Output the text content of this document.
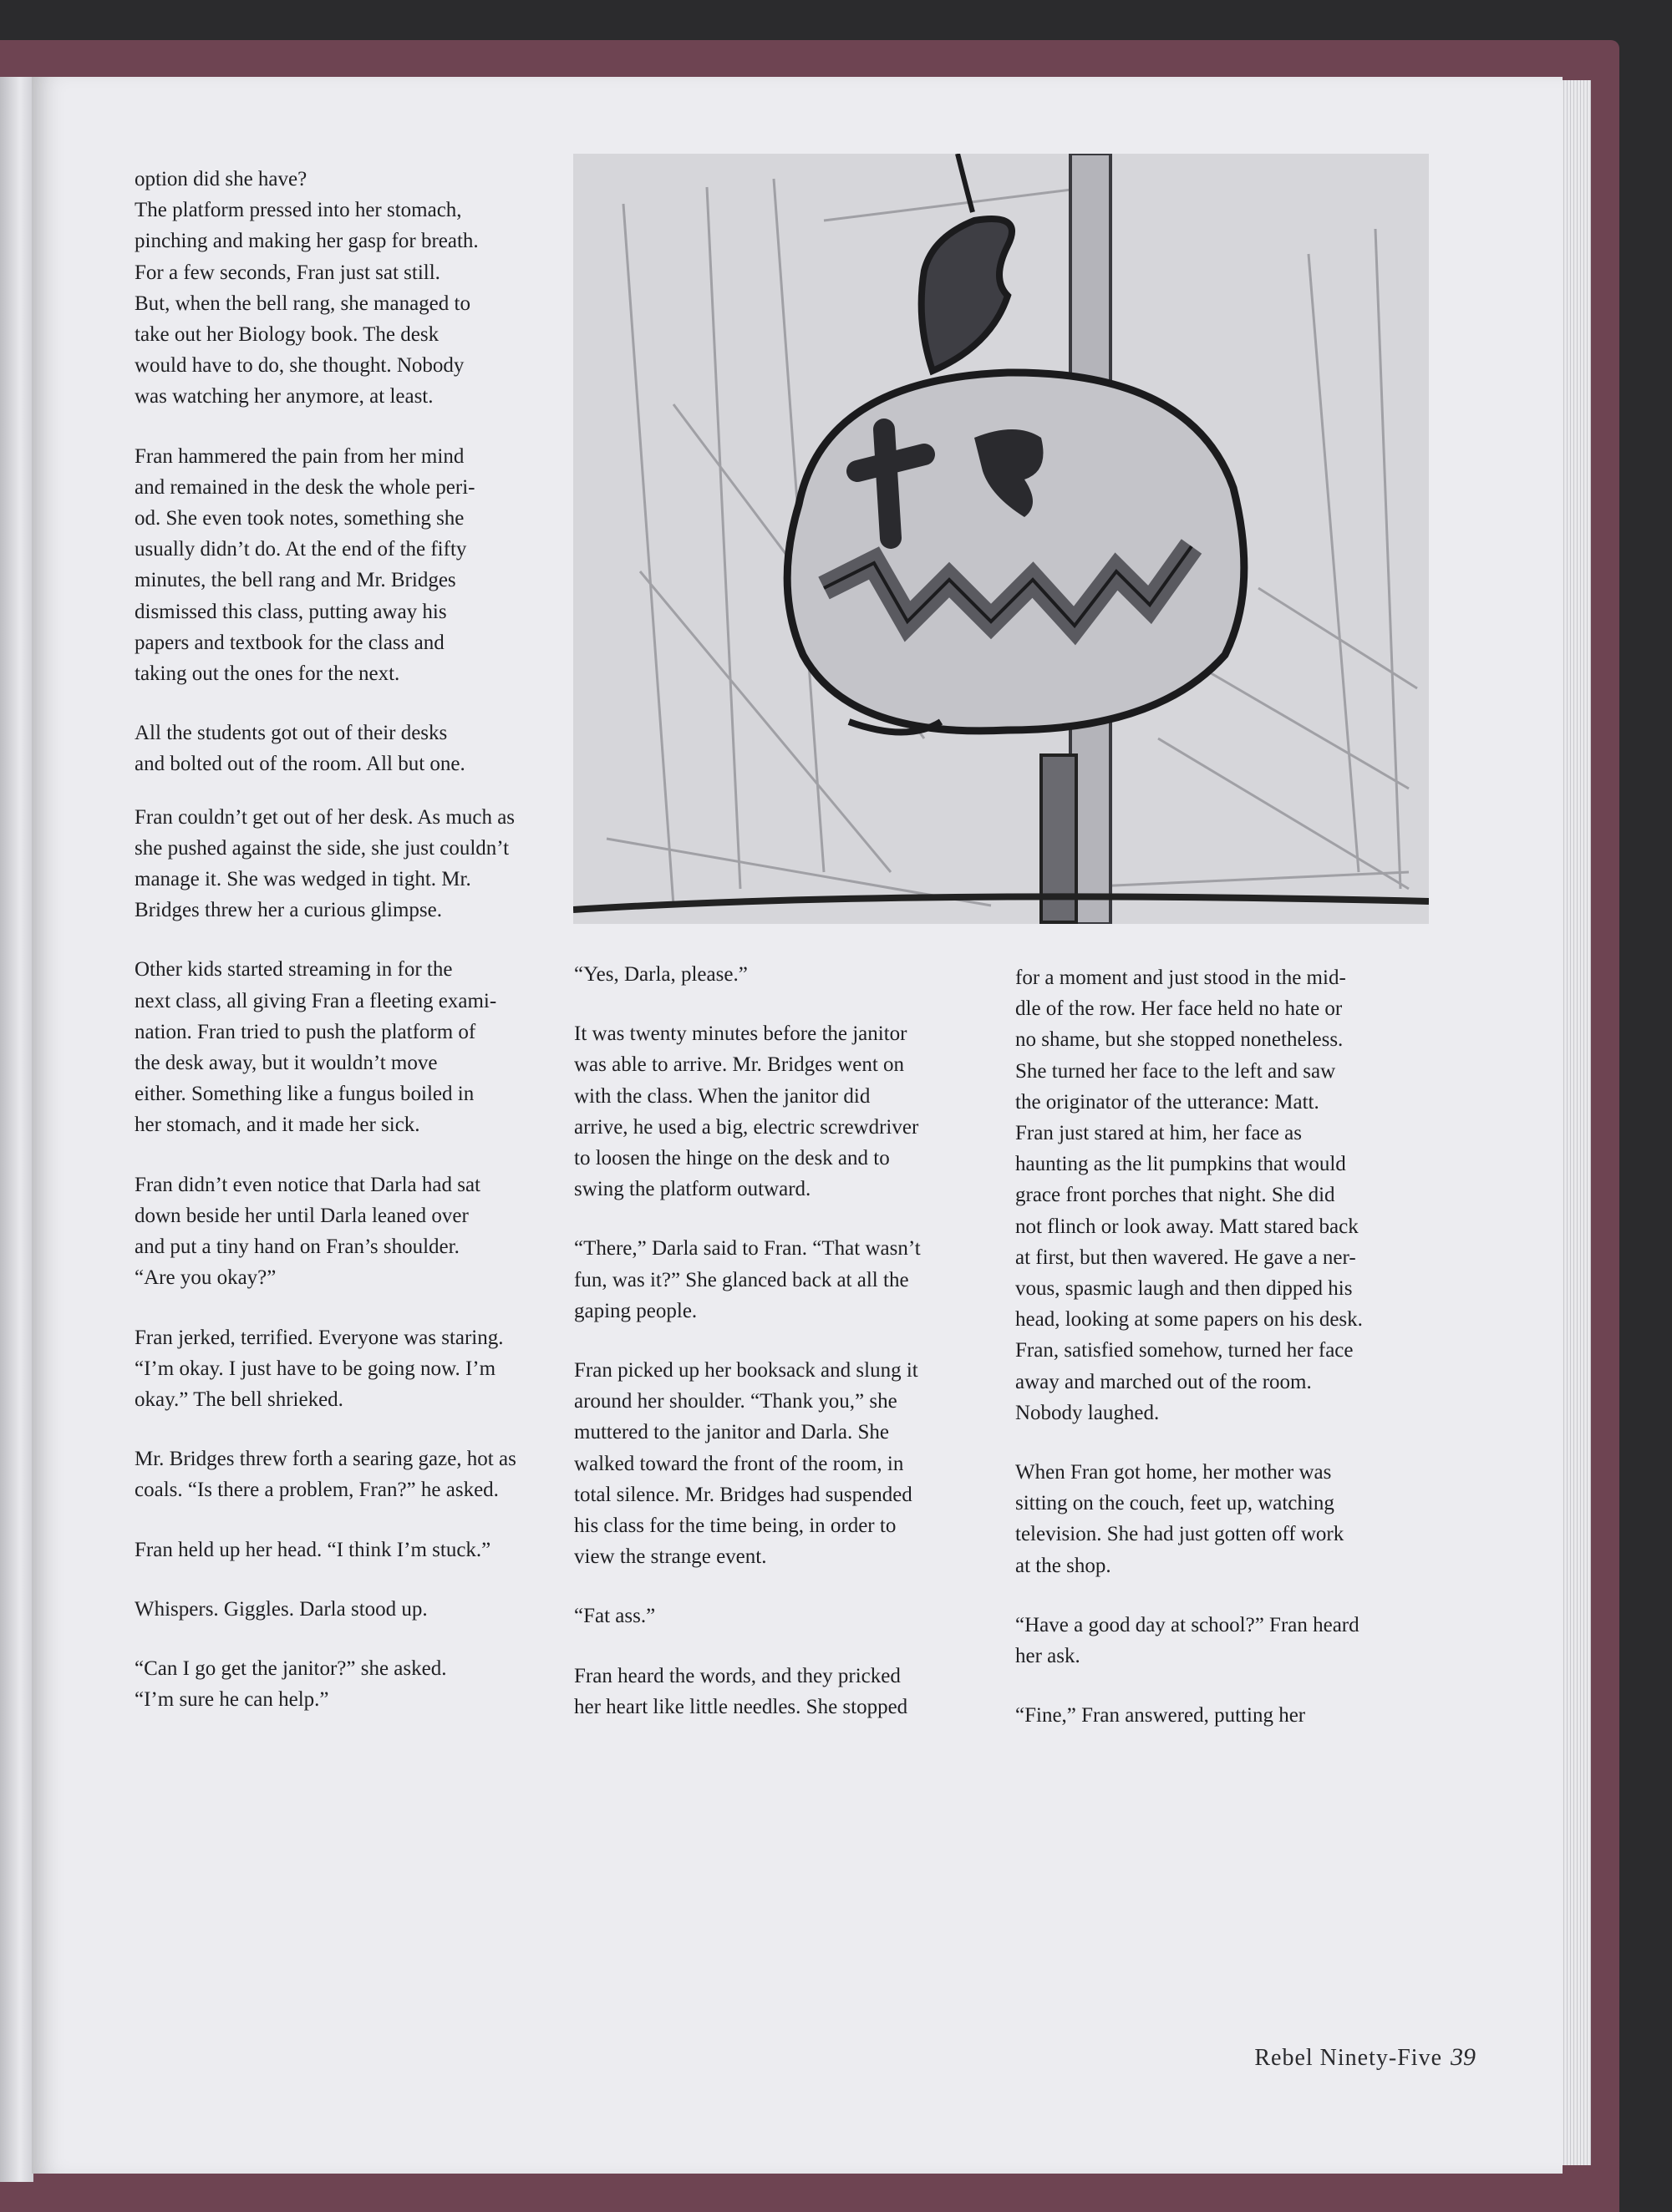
option did she have?
The platform pressed into her stomach,
pinching and making her gasp for breath.
For a few seconds, Fran just sat still.
But, when the bell rang, she managed to
take out her Biology book. The desk
would have to do, she thought. Nobody
was watching her anymore, at least.

Fran hammered the pain from her mind
and remained in the desk the whole peri-
od. She even took notes, something she
usually didn’t do. At the end of the fifty
minutes, the bell rang and Mr. Bridges
dismissed this class, putting away his
papers and textbook for the class and
taking out the ones for the next.

All the students got out of their desks
and bolted out of the room. All but one.

Fran couldn’t get out of her desk. As much as
she pushed against the side, she just couldn’t
manage it. She was wedged in tight. Mr.
Bridges threw her a curious glimpse.

Other kids started streaming in for the
next class, all giving Fran a fleeting exami-
nation. Fran tried to push the platform of
the desk away, but it wouldn’t move
either. Something like a fungus boiled in
her stomach, and it made her sick.

Fran didn’t even notice that Darla had sat
down beside her until Darla leaned over
and put a tiny hand on Fran’s shoulder.
“Are you okay?”

Fran jerked, terrified. Everyone was staring.
“I’m okay. I just have to be going now. I’m
okay.” The bell shrieked.

Mr. Bridges threw forth a searing gaze, hot as
coals. “Is there a problem, Fran?” he asked.

Fran held up her head. “I think I’m stuck.”

Whispers. Giggles. Darla stood up.

“Can I go get the janitor?” she asked.
“I’m sure he can help.”

“Yes, Darla, please.”

It was twenty minutes before the janitor
was able to arrive. Mr. Bridges went on
with the class. When the janitor did
arrive, he used a big, electric screwdriver
to loosen the hinge on the desk and to
swing the platform outward.

“There,” Darla said to Fran. “That wasn’t
fun, was it?” She glanced back at all the
gaping people.

Fran picked up her booksack and slung it
around her shoulder. “Thank you,” she
muttered to the janitor and Darla. She
walked toward the front of the room, in
total silence. Mr. Bridges had suspended
his class for the time being, in order to
view the strange event.

“Fat ass.”

Fran heard the words, and they pricked
her heart like little needles. She stopped

for a moment and just stood in the mid-
dle of the row. Her face held no hate or
no shame, but she stopped nonetheless.
She turned her face to the left and saw
the originator of the utterance: Matt.
Fran just stared at him, her face as
haunting as the lit pumpkins that would
grace front porches that night. She did
not flinch or look away. Matt stared back
at first, but then wavered. He gave a ner-
vous, spasmic laugh and then dipped his
head, looking at some papers on his desk.
Fran, satisfied somehow, turned her face
away and marched out of the room.
Nobody laughed.

When Fran got home, her mother was
sitting on the couch, feet up, watching
television. She had just gotten off work
at the shop.

“Have a good day at school?” Fran heard
her ask.

“Fine,” Fran answered, putting her

Rebel Ninety-Five 39
